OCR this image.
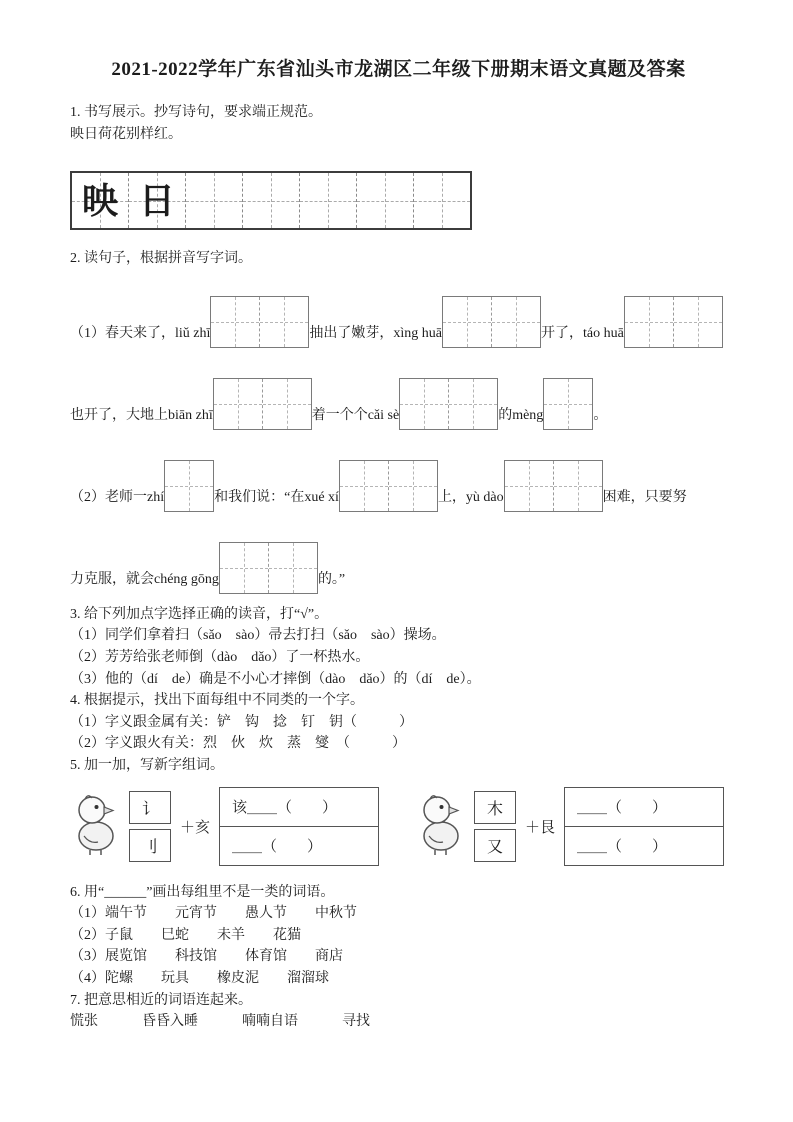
2021-2022学年广东省汕头市龙湖区二年级下册期末语文真题及答案

1. 书写展示。抄写诗句，要求端正规范。

映日荷花别样红。

映 日

2. 读句子，根据拼音写字词。

（1）春天来了，liǔ zhī	抽出了嫩芽，xìng huā	开了，táo huā
也开了，大地上biān zhī	着一个个cǎi sè	的mèng	。
（2）老师一zhí	和我们说：“在xué xí	上，yù dào	困难，只要努
力克服，就会chéng gōng	的。”

3. 给下列加点字选择正确的读音，打“√”。

（1）同学们拿着扫（sǎo　sào）帚去打扫（sǎo　sào）操场。

（2）芳芳给张老师倒（dào　dǎo）了一杯热水。

（3）他的（dí　de）确是不小心才摔倒（dào　dǎo）的（dí　de）。

4. 根据提示，找出下面每组中不同类的一个字。

（1）字义跟金属有关：铲　钩　捻　钉　钥（　　　）

（2）字义跟火有关：烈　伙　炊　蒸　燮　（　　　）

5. 加一加，写新字组词。

讠
刂
＋亥
该＿＿（　　）
＿＿（　　）
木
又
＋艮
＿＿（　　）
＿＿（　　）

6. 用“______”画出每组里不是一类的词语。

（1）端午节　　元宵节　　愚人节　　中秋节

（2）子鼠　　巳蛇　　未羊　　花猫

（3）展览馆　　科技馆　　体育馆　　商店

（4）陀螺　　玩具　　橡皮泥　　溜溜球

7. 把意思相近的词语连起来。

慌张	昏昏入睡	喃喃自语	寻找
